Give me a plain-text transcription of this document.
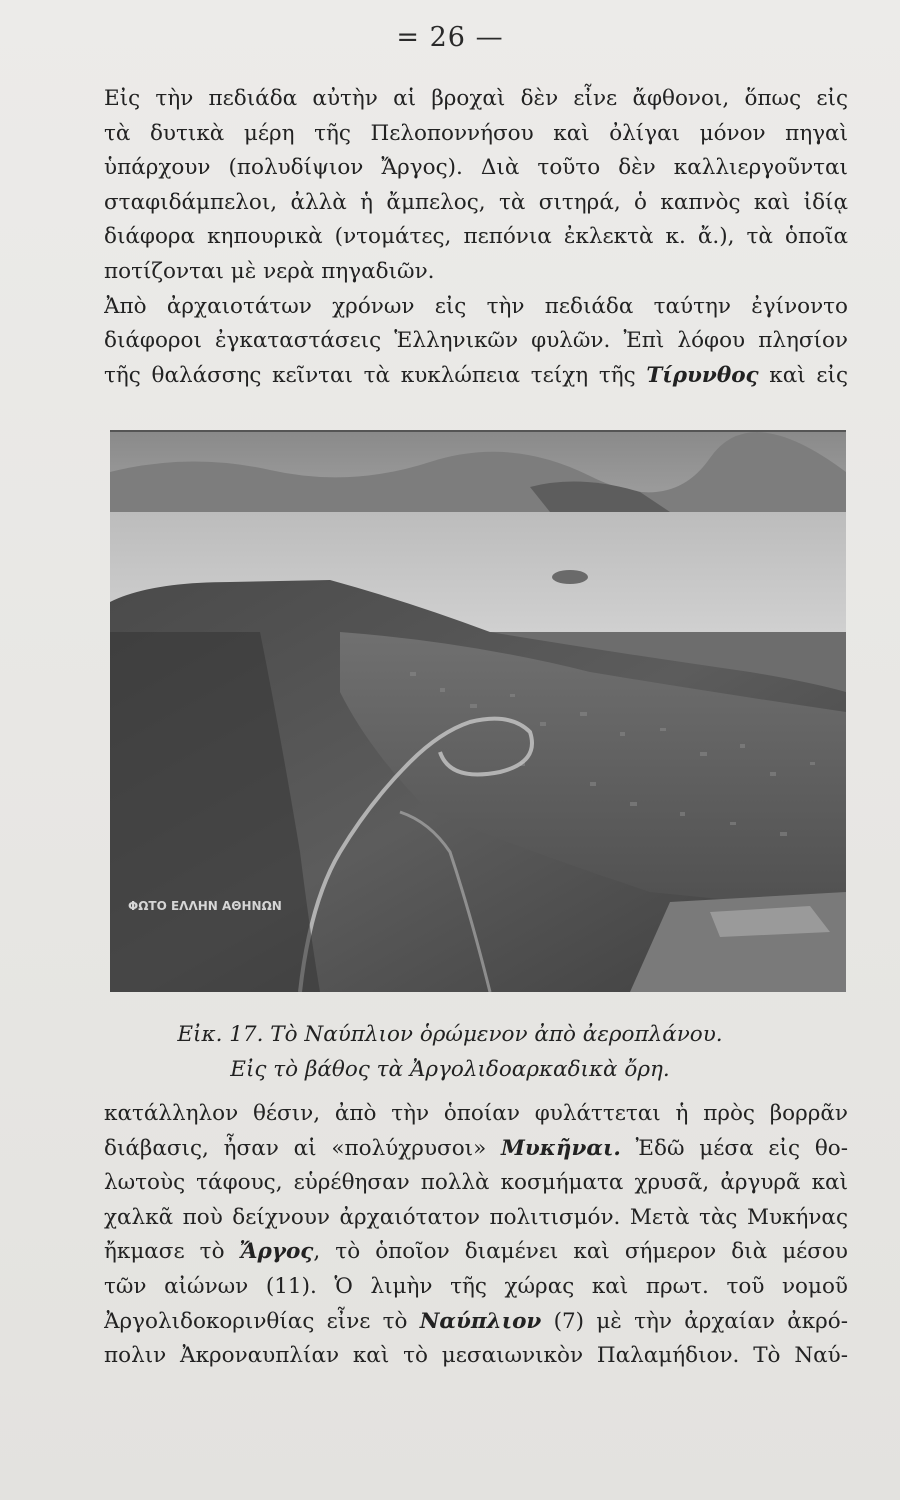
= 26 —
Εἰς τὴν πεδιάδα αὐτὴν αἱ βροχαὶ δὲν εἶνε ἄφθονοι, ὅπως εἰς
τὰ δυτικὰ μέρη τῆς Πελοποννήσου καὶ ὀλίγαι μόνον πηγαὶ
ὑπάρχουν (πολυδίψιον Ἄργος). Διὰ τοῦτο δὲν καλλιεργοῦνται
σταφιδάμπελοι, ἀλλὰ ἡ ἄμπελος, τὰ σιτηρά, ὁ καπνὸς καὶ ἰδίᾳ
διάφορα κηπουρικὰ (ντομάτες, πεπόνια ἐκλεκτὰ κ. ἄ.), τὰ ὁποῖα
ποτίζονται μὲ νερὰ πηγαδιῶν.
Ἀπὸ ἀρχαιοτάτων χρόνων εἰς τὴν πεδιάδα ταύτην ἐγίνοντο
διάφοροι ἐγκαταστάσεις Ἑλληνικῶν φυλῶν. Ἐπὶ λόφου πλησίον
τῆς θαλάσσης κεῖνται τὰ κυκλώπεια τείχη τῆς Τίρυνθος καὶ εἰς
ΦΩΤΟ ΕΛΛΗΝ ΑΘΗΝΩΝ
Εἰκ. 17. Τὸ Ναύπλιον ὁρώμενον ἀπὸ ἀεροπλάνου.
Εἰς τὸ βάθος τὰ Ἀργολιδοαρκαδικὰ ὄρη.
κατάλληλον θέσιν, ἀπὸ τὴν ὁποίαν φυλάττεται ἡ πρὸς βορρᾶν
διάβασις, ἦσαν αἱ «πολύχρυσοι» Μυκῆναι. Ἐδῶ μέσα εἰς θο-
λωτοὺς τάφους, εὑρέθησαν πολλὰ κοσμήματα χρυσᾶ, ἀργυρᾶ καὶ
χαλκᾶ ποὺ δείχνουν ἀρχαιότατον πολιτισμόν. Μετὰ τὰς Μυκήνας
ἤκμασε τὸ Ἄργος, τὸ ὁποῖον διαμένει καὶ σήμερον διὰ μέσου
τῶν αἰώνων (11). Ὁ λιμὴν τῆς χώρας καὶ πρωτ. τοῦ νομοῦ
Ἀργολιδοκορινθίας εἶνε τὸ Ναύπλιον (7) μὲ τὴν ἀρχαίαν ἀκρό-
πολιν Ἀκροναυπλίαν καὶ τὸ μεσαιωνικὸν Παλαμήδιον. Τὸ Ναύ-
